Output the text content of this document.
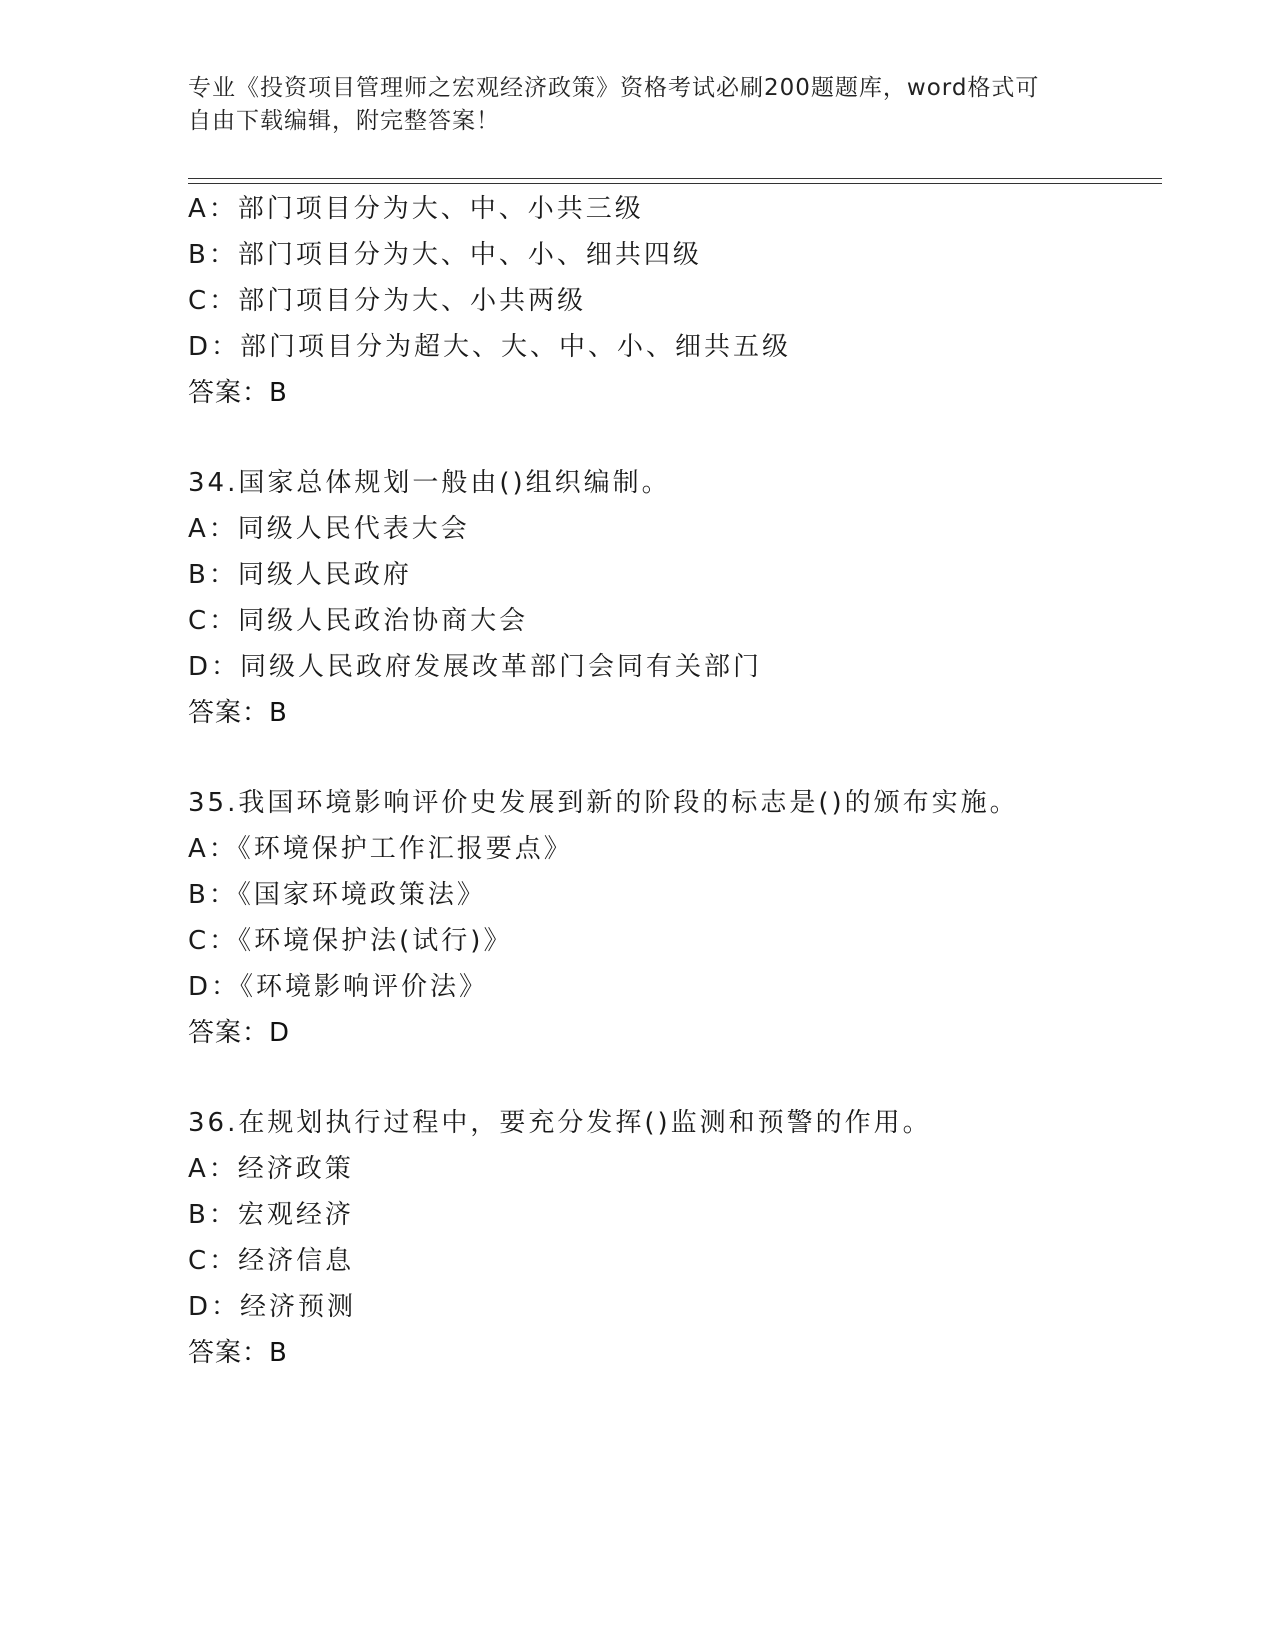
专业《投资项目管理师之宏观经济政策》资格考试必刷200题题库，word格式可
自由下载编辑，附完整答案！
A：部门项目分为大、中、小共三级
B：部门项目分为大、中、小、细共四级
C：部门项目分为大、小共两级
D：部门项目分为超大、大、中、小、细共五级
答案：B
34.国家总体规划一般由()组织编制。
A：同级人民代表大会
B：同级人民政府
C：同级人民政治协商大会
D：同级人民政府发展改革部门会同有关部门
答案：B
35.我国环境影响评价史发展到新的阶段的标志是()的颁布实施。
A：《环境保护工作汇报要点》
B：《国家环境政策法》
C：《环境保护法(试行)》
D：《环境影响评价法》
答案：D
36.在规划执行过程中，要充分发挥()监测和预警的作用。
A：经济政策
B：宏观经济
C：经济信息
D：经济预测
答案：B
